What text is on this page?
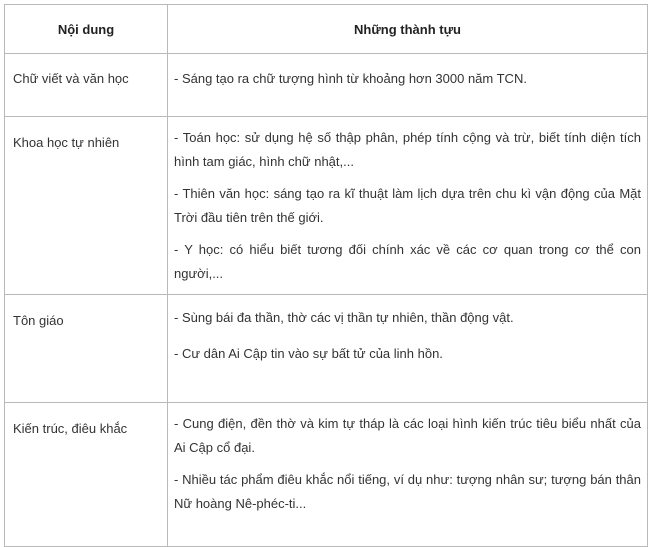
Nội dung	Những thành tựu
Chữ viết và văn học	- Sáng tạo ra chữ tượng hình từ khoảng hơn 3000 năm TCN.

Khoa học tự nhiên	- Toán học: sử dụng hệ số thập phân, phép tính cộng và trừ, biết tính diện tích hình tam giác, hình chữ nhật,...

- Thiên văn học: sáng tạo ra kĩ thuật làm lịch dựa trên chu kì vận động của Mặt Trời đầu tiên trên thế giới.

- Y học: có hiểu biết tương đối chính xác về các cơ quan trong cơ thể con người,...

Tôn giáo	- Sùng bái đa thần, thờ các vị thần tự nhiên, thần động vật.

- Cư dân Ai Cập tin vào sự bất tử của linh hồn.

Kiến trúc, điêu khắc	- Cung điện, đền thờ và kim tự tháp là các loại hình kiến trúc tiêu biểu nhất của Ai Cập cổ đại.

- Nhiều tác phẩm điêu khắc nổi tiếng, ví dụ như: tượng nhân sư; tượng bán thân Nữ hoàng Nê-phéc-ti...
